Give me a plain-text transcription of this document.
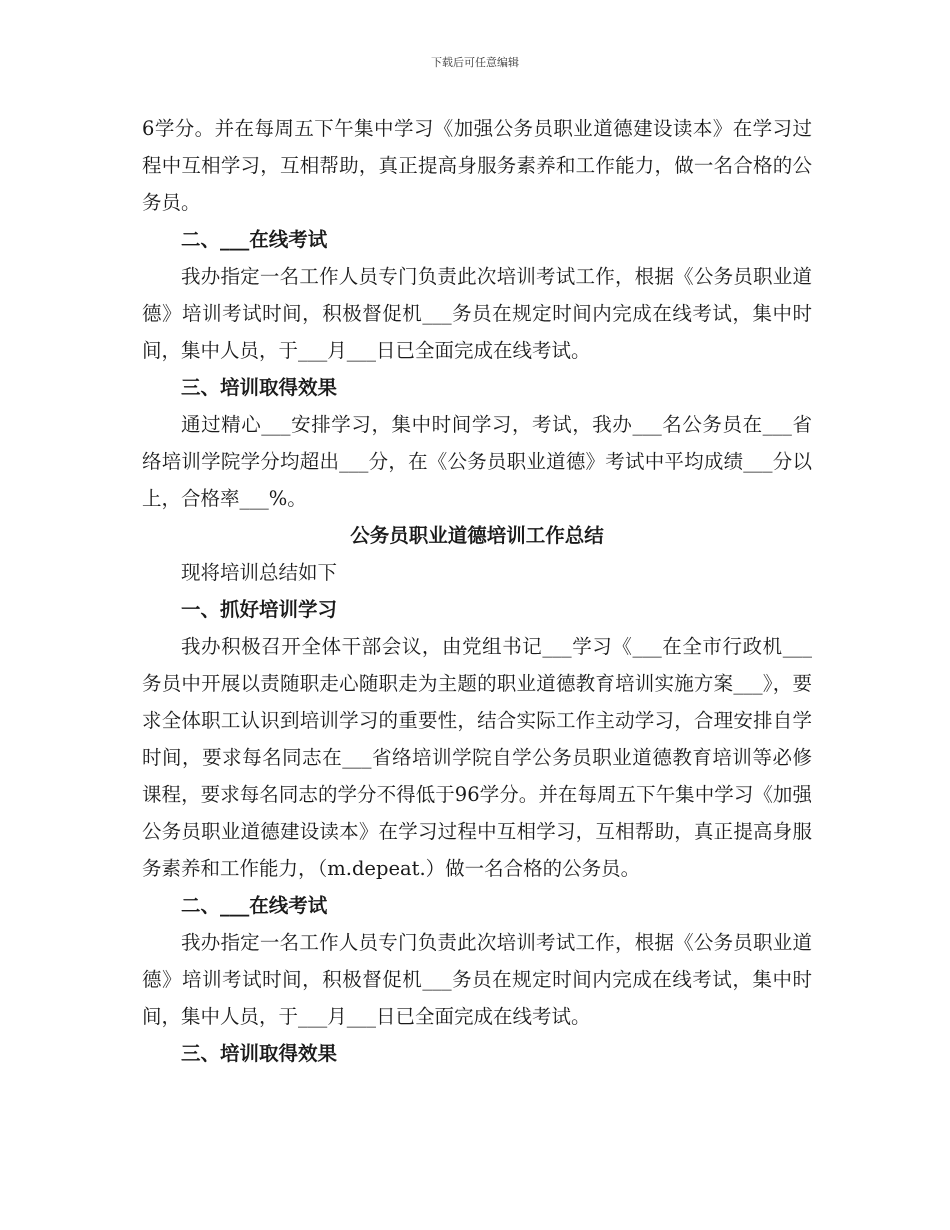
下载后可任意编辑

6学分。并在每周五下午集中学习《加强公务员职业道德建设读本》在学习过程中互相学习，互相帮助，真正提高身服务素养和工作能力，做一名合格的公务员。

二、___在线考试

我办指定一名工作人员专门负责此次培训考试工作，根据《公务员职业道德》培训考试时间，积极督促机___务员在规定时间内完成在线考试，集中时间，集中人员，于___月___日已全面完成在线考试。

三、培训取得效果

通过精心___安排学习，集中时间学习，考试，我办___名公务员在___省络培训学院学分均超出___分，在《公务员职业道德》考试中平均成绩___分以上，合格率___%。

公务员职业道德培训工作总结

现将培训总结如下

一、抓好培训学习

我办积极召开全体干部会议，由党组书记___学习《___在全市行政机___务员中开展以责随职走心随职走为主题的职业道德教育培训实施方案___》，要求全体职工认识到培训学习的重要性，结合实际工作主动学习，合理安排自学时间，要求每名同志在___省络培训学院自学公务员职业道德教育培训等必修课程，要求每名同志的学分不得低于96学分。并在每周五下午集中学习《加强公务员职业道德建设读本》在学习过程中互相学习，互相帮助，真正提高身服务素养和工作能力，（m.depeat.）做一名合格的公务员。

二、___在线考试

我办指定一名工作人员专门负责此次培训考试工作，根据《公务员职业道德》培训考试时间，积极督促机___务员在规定时间内完成在线考试，集中时间，集中人员，于___月___日已全面完成在线考试。

三、培训取得效果
